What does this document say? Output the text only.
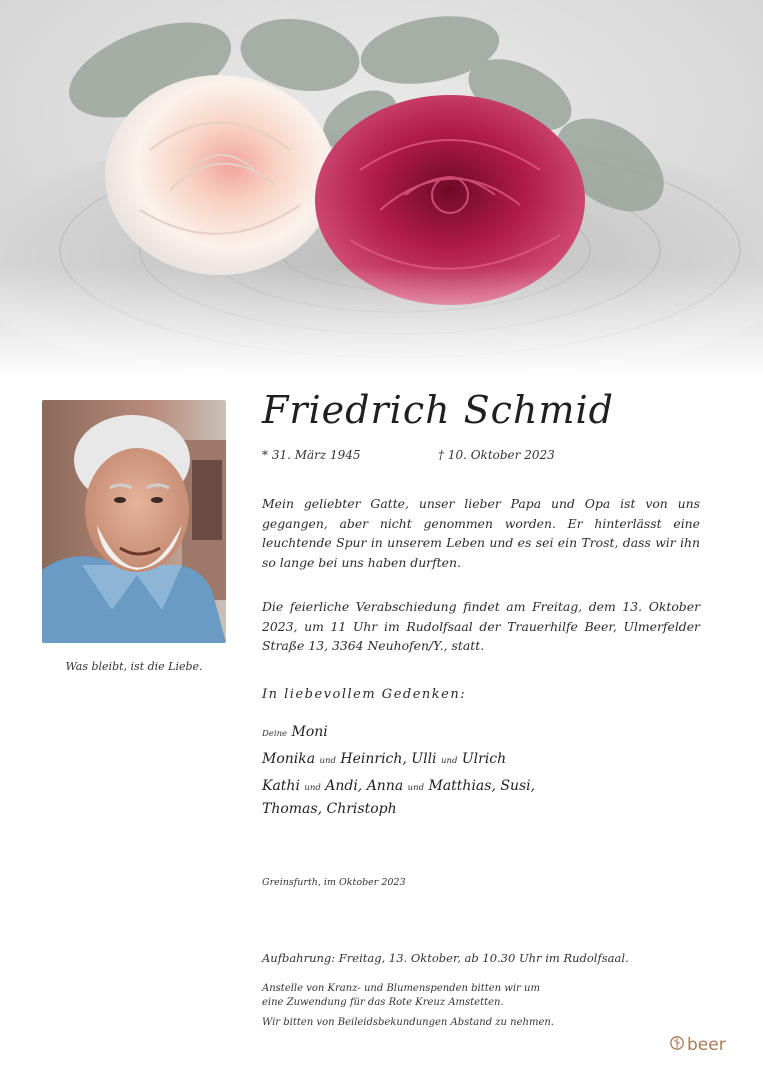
Was bleibt, ist die Liebe.
Friedrich Schmid
* 31. März 1945	† 10. Oktober 2023
Mein geliebter Gatte, unser lieber Papa und Opa ist von uns gegangen, aber nicht genommen worden. Er hinterlässt eine leuchtende Spur in unserem Leben und es sei ein Trost, dass wir ihn so lange bei uns haben durften.
Die feierliche Verabschiedung findet am Freitag, dem 13. Oktober 2023, um 11 Uhr im Rudolfsaal der Trauerhilfe Beer, Ulmerfelder Straße 13, 3364 Neuhofen/Y., statt.
In liebevollem Gedenken:
Deine Moni
Monika und Heinrich, Ulli und Ulrich
Kathi und Andi, Anna und Matthias, Susi,
Thomas, Christoph
Greinsfurth, im Oktober 2023
Aufbahrung: Freitag, 13. Oktober, ab 10.30 Uhr im Rudolfsaal.
Anstelle von Kranz- und Blumenspenden bitten wir um
eine Zuwendung für das Rote Kreuz Amstetten.
Wir bitten von Beileidsbekundungen Abstand zu nehmen.
beer
